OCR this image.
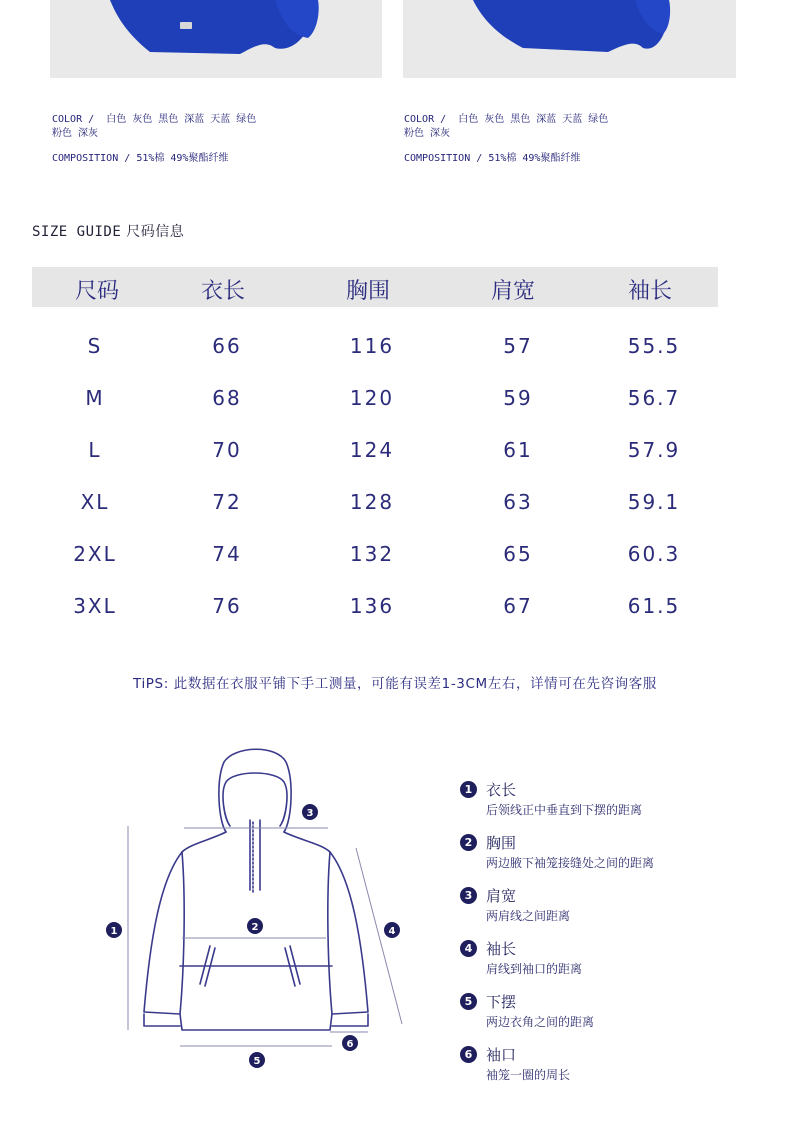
COLOR / 白色 灰色 黑色 深蓝 天蓝 绿色
粉色 深灰
COMPOSITION / 51%棉 49%聚酯纤维
COLOR / 白色 灰色 黑色 深蓝 天蓝 绿色
粉色 深灰
COMPOSITION / 51%棉 49%聚酯纤维
SIZE GUIDE 尺码信息
尺码	衣长	胸围	肩宽	袖长
S	66	116	57	55.5
M	68	120	59	56.7
L	70	124	61	57.9
XL	72	128	63	59.1
2XL	74	132	65	60.3
3XL	76	136	67	61.5
TiPS: 此数据在衣服平铺下手工测量，可能有误差1-3CM左右，详情可在先咨询客服
1	2
3
4
5
6
1 衣长
后领线正中垂直到下摆的距离
2 胸围
两边腋下袖笼接缝处之间的距离
3 肩宽
两肩线之间距离
4 袖长
肩线到袖口的距离
5 下摆
两边衣角之间的距离
6 袖口
袖笼一圈的周长
